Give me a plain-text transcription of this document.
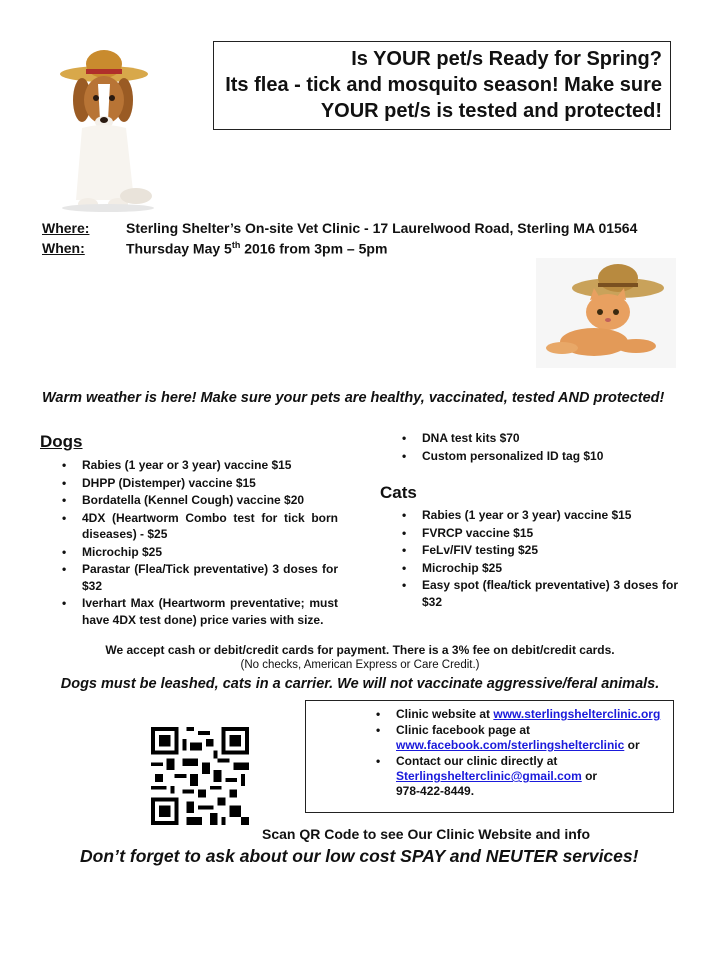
Is YOUR pet/s Ready for Spring?
Its flea - tick and mosquito season! Make sure
YOUR pet/s is tested and protected!
Where:	Sterling Shelter’s On-site Vet Clinic - 17 Laurelwood Road, Sterling MA 01564
When:	Thursday May 5th 2016 from 3pm – 5pm
Warm weather is here! Make sure your pets are healthy, vaccinated, tested AND protected!
Dogs
• Rabies (1 year or 3 year) vaccine $15
• DHPP (Distemper) vaccine $15
• Bordatella (Kennel Cough) vaccine $20
• 4DX (Heartworm Combo test for tick born diseases) - $25
• Microchip $25
• Parastar (Flea/Tick preventative) 3 doses for $32
• Iverhart Max (Heartworm preventative; must have 4DX test done) price varies with size.
• DNA test kits $70
• Custom personalized ID tag $10
Cats
• Rabies (1 year or 3 year) vaccine $15
• FVRCP vaccine $15
• FeLv/FIV testing $25
• Microchip $25
• Easy spot (flea/tick preventative) 3 doses for $32
We accept cash or debit/credit cards for payment. There is a 3% fee on debit/credit cards.
(No checks, American Express or Care Credit.)
Dogs must be leashed, cats in a carrier. We will not vaccinate aggressive/feral animals.
• Clinic website at www.sterlingshelterclinic.org
• Clinic facebook page at
www.facebook.com/sterlingshelterclinic or
• Contact our clinic directly at
Sterlingshelterclinic@gmail.com or
978-422-8449.
Scan QR Code to see Our Clinic Website and info
Don’t forget to ask about our low cost SPAY and NEUTER services!
